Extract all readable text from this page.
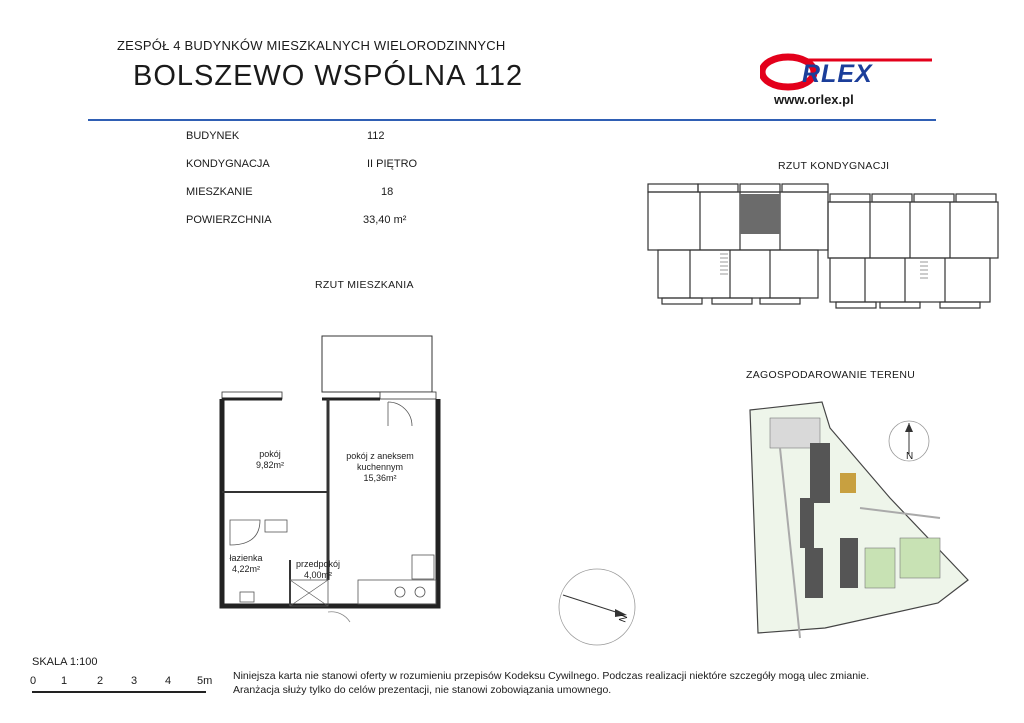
ZESPÓŁ 4 BUDYNKÓW MIESZKALNYCH WIELORODZINNYCH
BOLSZEWO WSPÓLNA 112	RLEX
www.orlex.pl
BUDYNEK	112
KONDYGNACJA	II PIĘTRO
MIESZKANIE	18
POWIERZCHNIA	33,40 m²
RZUT KONDYGNACJI
RZUT MIESZKANIA
ZAGOSPODAROWANIE TERENU
pokój
9,82m²
pokój z aneksem
kuchennym
15,36m²
łazienka
4,22m²	przedpokój
4,00m²
N
N
SKALA 1:100
0 1	2	3	4 5m Niniejsza karta nie stanowi oferty w rozumieniu przepisów Kodeksu Cywilnego. Podczas realizacji niektóre szczegóły mogą ulec zmianie.
Aranżacja służy tylko do celów prezentacji, nie stanowi zobowiązania umownego.
